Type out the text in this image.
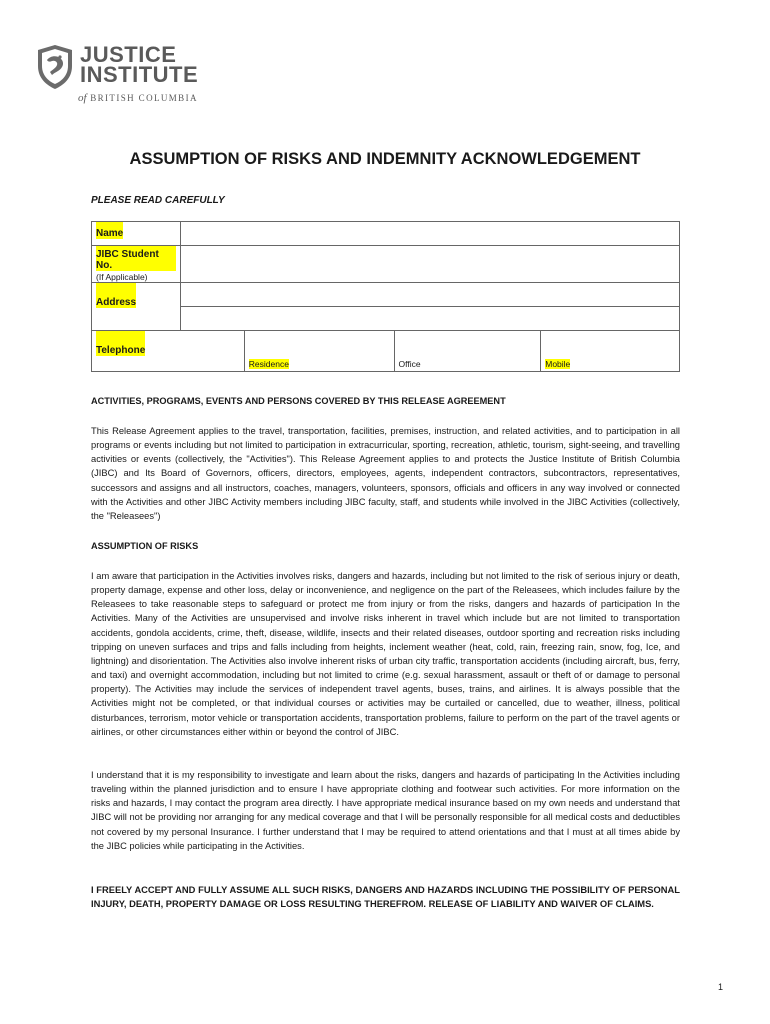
JUSTICE
INSTITUTE
of BRITISH COLUMBIA
ASSUMPTION OF RISKS AND INDEMNITY ACKNOWLEDGEMENT
PLEASE READ CAREFULLY
Name				
JIBC Student No.
(If Applicable)				

Address				

Telephone		Residence	Office	Mobile
ACTIVITIES, PROGRAMS, EVENTS AND PERSONS COVERED BY THIS RELEASE AGREEMENT

This Release Agreement applies to the travel, transportation, facilities, premises, instruction, and related activities, and to participation in all programs or events including but not limited to participation in extracurricular, sporting, recreation, athletic, tourism, sight-seeing, and travelling activities or events (collectively, the "Activities"). This Release Agreement applies to and protects the Justice Institute of British Columbia (JIBC) and Its Board of Governors, officers, directors, employees, agents, independent contractors, subcontractors, representatives, successors and assigns and all instructors, coaches, managers, volunteers, sponsors, officials and officers in any way involved or connected with the Activities and other JIBC Activity members including JIBC faculty, staff, and students while involved in the JIBC Activities (collectively, the "Releasees")

ASSUMPTION OF RISKS

I am aware that participation in the Activities involves risks, dangers and hazards, including but not limited to the risk of serious injury or death, property damage, expense and other loss, delay or inconvenience, and negligence on the part of the Releasees, which includes failure by the Releasees to take reasonable steps to safeguard or protect me from injury or from the risks, dangers and hazards of participation In the Activities. Many of the Activities are unsupervised and involve risks inherent in travel which include but are not limited to transportation accidents, gondola accidents, crime, theft, disease, wildlife, insects and their related diseases, outdoor sporting and recreation risks including tripping on uneven surfaces and trips and falls including from heights, inclement weather (heat, cold, rain, freezing rain, snow, fog, Ice, and lightning) and disorientation. The Activities also involve inherent risks of urban city traffic, transportation accidents (including aircraft, bus, ferry, and taxi) and overnight accommodation, including but not limited to crime (e.g. sexual harassment, assault or theft of or damage to personal property). The Activities may include the services of independent travel agents, buses, trains, and airlines. It is always possible that the Activities might not be completed, or that individual courses or activities may be curtailed or cancelled, due to weather, illness, political disturbances, terrorism, motor vehicle or transportation accidents, transportation problems, failure to perform on the part of the travel agents or airlines, or other circumstances either within or beyond the control of JIBC.

I understand that it is my responsibility to investigate and learn about the risks, dangers and hazards of participating In the Activities including traveling within the planned jurisdiction and to ensure I have appropriate clothing and footwear such activities. For more information on the risks and hazards, I may contact the program area directly. I have appropriate medical insurance based on my own needs and understand that JIBC will not be providing nor arranging for any medical coverage and that I will be personally responsible for all medical costs and deductibles not covered by my personal Insurance. I further understand that I may be required to attend orientations and that I must at all times abide by the JIBC policies while participating in the Activities.

I FREELY ACCEPT AND FULLY ASSUME ALL SUCH RISKS, DANGERS AND HAZARDS INCLUDING THE POSSIBILITY OF PERSONAL INJURY, DEATH, PROPERTY DAMAGE OR LOSS RESULTING THEREFROM. RELEASE OF LIABILITY AND WAIVER OF CLAIMS.

1
